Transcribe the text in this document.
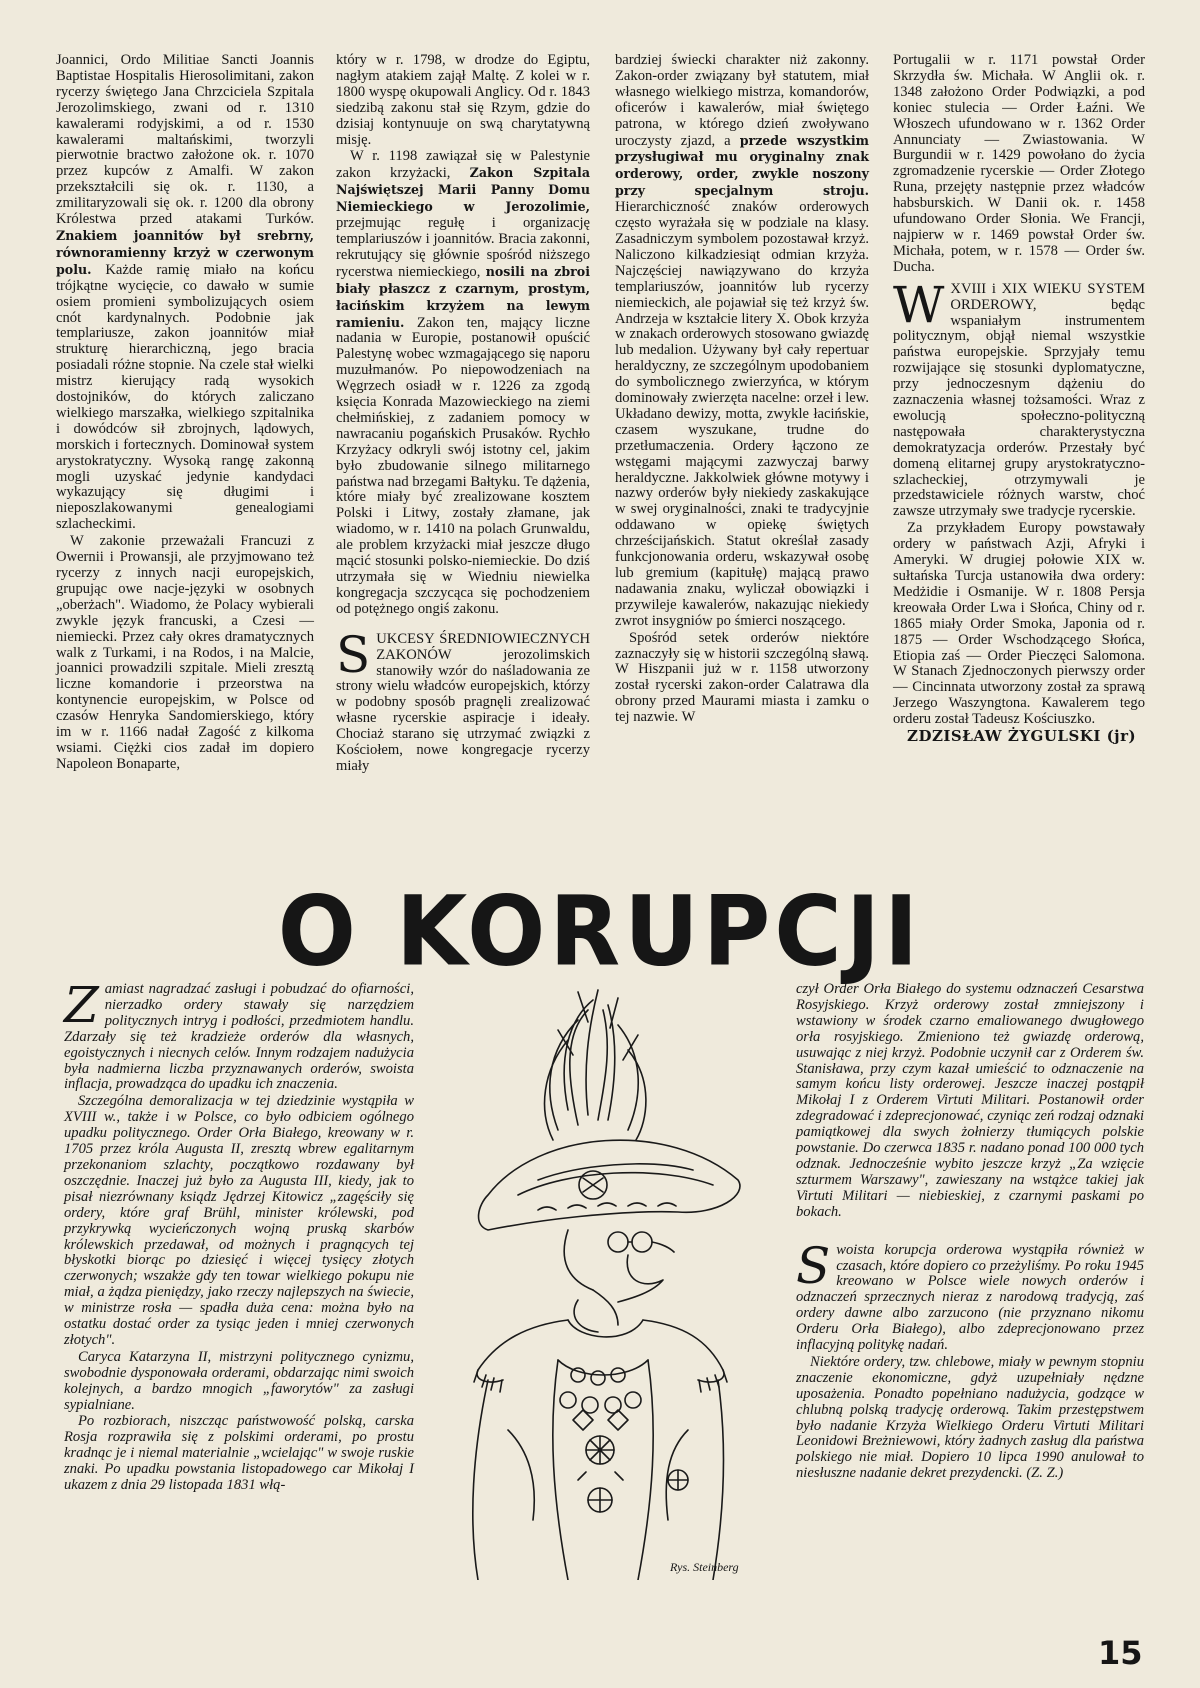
Joannici, Ordo Militiae Sancti Joannis Baptistae Hospitalis Hierosolimitani, zakon rycerzy świętego Jana Chrzciciela Szpitala Jerozolimskiego, zwani od r. 1310 kawalerami rodyjskimi, a od r. 1530 kawalerami maltańskimi, tworzyli pierwotnie bractwo założone ok. r. 1070 przez kupców z Amalfi. W zakon przekształcili się ok. r. 1130, a zmilitaryzowali się ok. r. 1200 dla obrony Królestwa przed atakami Turków. Znakiem joannitów był srebrny, równoramienny krzyż w czerwonym polu. Każde ramię miało na końcu trójkątne wycięcie, co dawało w sumie osiem promieni symbolizujących osiem cnót kardynalnych. Podobnie jak templariusze, zakon joannitów miał strukturę hierarchiczną, jego bracia posiadali różne stopnie. Na czele stał wielki mistrz kierujący radą wysokich dostojników, do których zaliczano wielkiego marszałka, wielkiego szpitalnika i dowódców sił zbrojnych, lądowych, morskich i fortecznych. Dominował system arystokratyczny. Wysoką rangę zakonną mogli uzyskać jedynie kandydaci wykazujący się długimi i nieposzlakowanymi genealogiami szlacheckimi.

W zakonie przeważali Francuzi z Owernii i Prowansji, ale przyjmowano też rycerzy z innych nacji europejskich, grupując owe nacje-języki w osobnych „oberżach". Wiadomo, że Polacy wybierali zwykle język francuski, a Czesi — niemiecki. Przez cały okres dramatycznych walk z Turkami, i na Rodos, i na Malcie, joannici prowadzili szpitale. Mieli zresztą liczne komandorie i przeorstwa na kontynencie europejskim, w Polsce od czasów Henryka Sandomierskiego, który im w r. 1166 nadał Zagość z kilkoma wsiami. Ciężki cios zadał im dopiero Napoleon Bonaparte,

który w r. 1798, w drodze do Egiptu, nagłym atakiem zajął Maltę. Z kolei w r. 1800 wyspę okupowali Anglicy. Od r. 1843 siedzibą zakonu stał się Rzym, gdzie do dzisiaj kontynuuje on swą charytatywną misję.

W r. 1198 zawiązał się w Palestynie zakon krzyżacki, Zakon Szpitala Najświętszej Marii Panny Domu Niemieckiego w Jerozolimie, przejmując regułę i organizację templariuszów i joannitów. Bracia zakonni, rekrutujący się głównie spośród niższego rycerstwa niemieckiego, nosili na zbroi biały płaszcz z czarnym, prostym, łacińskim krzyżem na lewym ramieniu. Zakon ten, mający liczne nadania w Europie, postanowił opuścić Palestynę wobec wzmagającego się naporu muzułmanów. Po niepowodzeniach na Węgrzech osiadł w r. 1226 za zgodą księcia Konrada Mazowieckiego na ziemi chełmińskiej, z zadaniem pomocy w nawracaniu pogańskich Prusaków. Rychło Krzyżacy odkryli swój istotny cel, jakim było zbudowanie silnego militarnego państwa nad brzegami Bałtyku. Te dążenia, które miały być zrealizowane kosztem Polski i Litwy, zostały złamane, jak wiadomo, w r. 1410 na polach Grunwaldu, ale problem krzyżacki miał jeszcze długo mącić stosunki polsko-niemieckie. Do dziś utrzymała się w Wiedniu niewielka kongregacja szczycąca się pochodzeniem od potężnego ongiś zakonu.

SUKCESY ŚREDNIOWIECZNYCH ZAKONÓW jerozolimskich stanowiły wzór do naśladowania ze strony wielu władców europejskich, którzy w podobny sposób pragnęli zrealizować własne rycerskie aspiracje i ideały. Chociaż starano się utrzymać związki z Kościołem, nowe kongregacje rycerzy miały

bardziej świecki charakter niż zakonny. Zakon-order związany był statutem, miał własnego wielkiego mistrza, komandorów, oficerów i kawalerów, miał świętego patrona, w którego dzień zwoływano uroczysty zjazd, a przede wszystkim przysługiwał mu oryginalny znak orderowy, order, zwykle noszony przy specjalnym stroju. Hierarchiczność znaków orderowych często wyrażała się w podziale na klasy. Zasadniczym symbolem pozostawał krzyż. Naliczono kilkadziesiąt odmian krzyża. Najczęściej nawiązywano do krzyża templariuszów, joannitów lub rycerzy niemieckich, ale pojawiał się też krzyż św. Andrzeja w kształcie litery X. Obok krzyża w znakach orderowych stosowano gwiazdę lub medalion. Używany był cały repertuar heraldyczny, ze szczególnym upodobaniem do symbolicznego zwierzyńca, w którym dominowały zwierzęta nacelne: orzeł i lew. Układano dewizy, motta, zwykle łacińskie, czasem wyszukane, trudne do przetłumaczenia. Ordery łączono ze wstęgami mającymi zazwyczaj barwy heraldyczne. Jakkolwiek główne motywy i nazwy orderów były niekiedy zaskakujące w swej oryginalności, znaki te tradycyjnie oddawano w opiekę świętych chrześcijańskich. Statut określał zasady funkcjonowania orderu, wskazywał osobę lub gremium (kapitułę) mającą prawo nadawania znaku, wyliczał obowiązki i przywileje kawalerów, nakazując niekiedy zwrot insygniów po śmierci noszącego.

Spośród setek orderów niektóre zaznaczyły się w historii szczególną sławą. W Hiszpanii już w r. 1158 utworzony został rycerski zakon-order Calatrawa dla obrony przed Maurami miasta i zamku o tej nazwie. W

Portugalii w r. 1171 powstał Order Skrzydła św. Michała. W Anglii ok. r. 1348 założono Order Podwiązki, a pod koniec stulecia — Order Łaźni. We Włoszech ufundowano w r. 1362 Order Annunciaty — Zwiastowania. W Burgundii w r. 1429 powołano do życia zgromadzenie rycerskie — Order Złotego Runa, przejęty następnie przez władców habsburskich. W Danii ok. r. 1458 ufundowano Order Słonia. We Francji, najpierw w r. 1469 powstał Order św. Michała, potem, w r. 1578 — Order św. Ducha.

WXVIII i XIX WIEKU SYSTEM ORDEROWY, będąc wspaniałym instrumentem politycznym, objął niemal wszystkie państwa europejskie. Sprzyjały temu rozwijające się stosunki dyplomatyczne, przy jednoczesnym dążeniu do zaznaczenia własnej tożsamości. Wraz z ewolucją społeczno-polityczną następowała charakterystyczna demokratyzacja orderów. Przestały być domeną elitarnej grupy arystokratyczno-szlacheckiej, otrzymywali je przedstawiciele różnych warstw, choć zawsze utrzymały swe tradycje rycerskie.

Za przykładem Europy powstawały ordery w państwach Azji, Afryki i Ameryki. W drugiej połowie XIX w. sułtańska Turcja ustanowiła dwa ordery: Medżidie i Osmanije. W r. 1808 Persja kreowała Order Lwa i Słońca, Chiny od r. 1865 miały Order Smoka, Japonia od r. 1875 — Order Wschodzącego Słońca, Etiopia zaś — Order Pieczęci Salomona. W Stanach Zjednoczonych pierwszy order — Cincinnata utworzony został za sprawą Jerzego Waszyngtona. Kawalerem tego orderu został Tadeusz Kościuszko.

ZDZISŁAW ŻYGULSKI (jr)

O KORUPCJI

Zamiast nagradzać zasługi i pobudzać do ofiarności, nierzadko ordery stawały się narzędziem politycznych intryg i podłości, przedmiotem handlu. Zdarzały się też kradzieże orderów dla własnych, egoistycznych i niecnych celów. Innym rodzajem nadużycia była nadmierna liczba przyznawanych orderów, swoista inflacja, prowadząca do upadku ich znaczenia.

Szczególna demoralizacja w tej dziedzinie wystąpiła w XVIII w., także i w Polsce, co było odbiciem ogólnego upadku politycznego. Order Orła Białego, kreowany w r. 1705 przez króla Augusta II, zresztą wbrew egalitarnym przekonaniom szlachty, początkowo rozdawany był oszczędnie. Inaczej już było za Augusta III, kiedy, jak to pisał niezrównany ksiądz Jędrzej Kitowicz „zagęściły się ordery, które graf Brühl, minister królewski, pod przykrywką wycieńczonych wojną pruską skarbów królewskich przedawał, od możnych i pragnących tej błyskotki biorąc po dziesięć i więcej tysięcy złotych czerwonych; wszakże gdy ten towar wielkiego pokupu nie miał, a żądza pieniędzy, jako rzeczy najlepszych na świecie, w ministrze rosła — spadła duża cena: można było na ostatku dostać order za tysiąc jeden i mniej czerwonych złotych".

Caryca Katarzyna II, mistrzyni politycznego cynizmu, swobodnie dysponowała orderami, obdarzając nimi swoich kolejnych, a bardzo mnogich „faworytów" za zasługi sypialniane.

Po rozbiorach, niszcząc państwowość polską, carska Rosja rozprawiła się z polskimi orderami, po prostu kradnąc je i niemal materialnie „wcielając" w swoje ruskie znaki. Po upadku powstania listopadowego car Mikołaj I ukazem z dnia 29 listopada 1831 włą-

czył Order Orła Białego do systemu odznaczeń Cesarstwa Rosyjskiego. Krzyż orderowy został zmniejszony i wstawiony w środek czarno emaliowanego dwugłowego orła rosyjskiego. Zmieniono też gwiazdę orderową, usuwając z niej krzyż. Podobnie uczynił car z Orderem św. Stanisława, przy czym kazał umieścić to odznaczenie na samym końcu listy orderowej. Jeszcze inaczej postąpił Mikołaj I z Orderem Virtuti Militari. Postanowił order zdegradować i zdeprecjonować, czyniąc zeń rodzaj odznaki pamiątkowej dla swych żołnierzy tłumiących polskie powstanie. Do czerwca 1835 r. nadano ponad 100 000 tych odznak. Jednocześnie wybito jeszcze krzyż „Za wzięcie szturmem Warszawy", zawieszany na wstążce takiej jak Virtuti Militari — niebieskiej, z czarnymi paskami po bokach.

Swoista korupcja orderowa wystąpiła również w czasach, które dopiero co przeżyliśmy. Po roku 1945 kreowano w Polsce wiele nowych orderów i odznaczeń sprzecznych nieraz z narodową tradycją, zaś ordery dawne albo zarzucono (nie przyznano nikomu Orderu Orła Białego), albo zdeprecjonowano przez inflacyjną politykę nadań.

Niektóre ordery, tzw. chlebowe, miały w pewnym stopniu znaczenie ekonomiczne, gdyż uzupełniały nędzne uposażenia. Ponadto popełniano nadużycia, godzące w chlubną polską tradycję orderową. Takim przestępstwem było nadanie Krzyża Wielkiego Orderu Virtuti Militari Leonidowi Breżniewowi, który żadnych zasług dla państwa polskiego nie miał. Dopiero 10 lipca 1990 anulował to niesłuszne nadanie dekret prezydencki. (Z. Z.)

Rys. Steinberg
15
